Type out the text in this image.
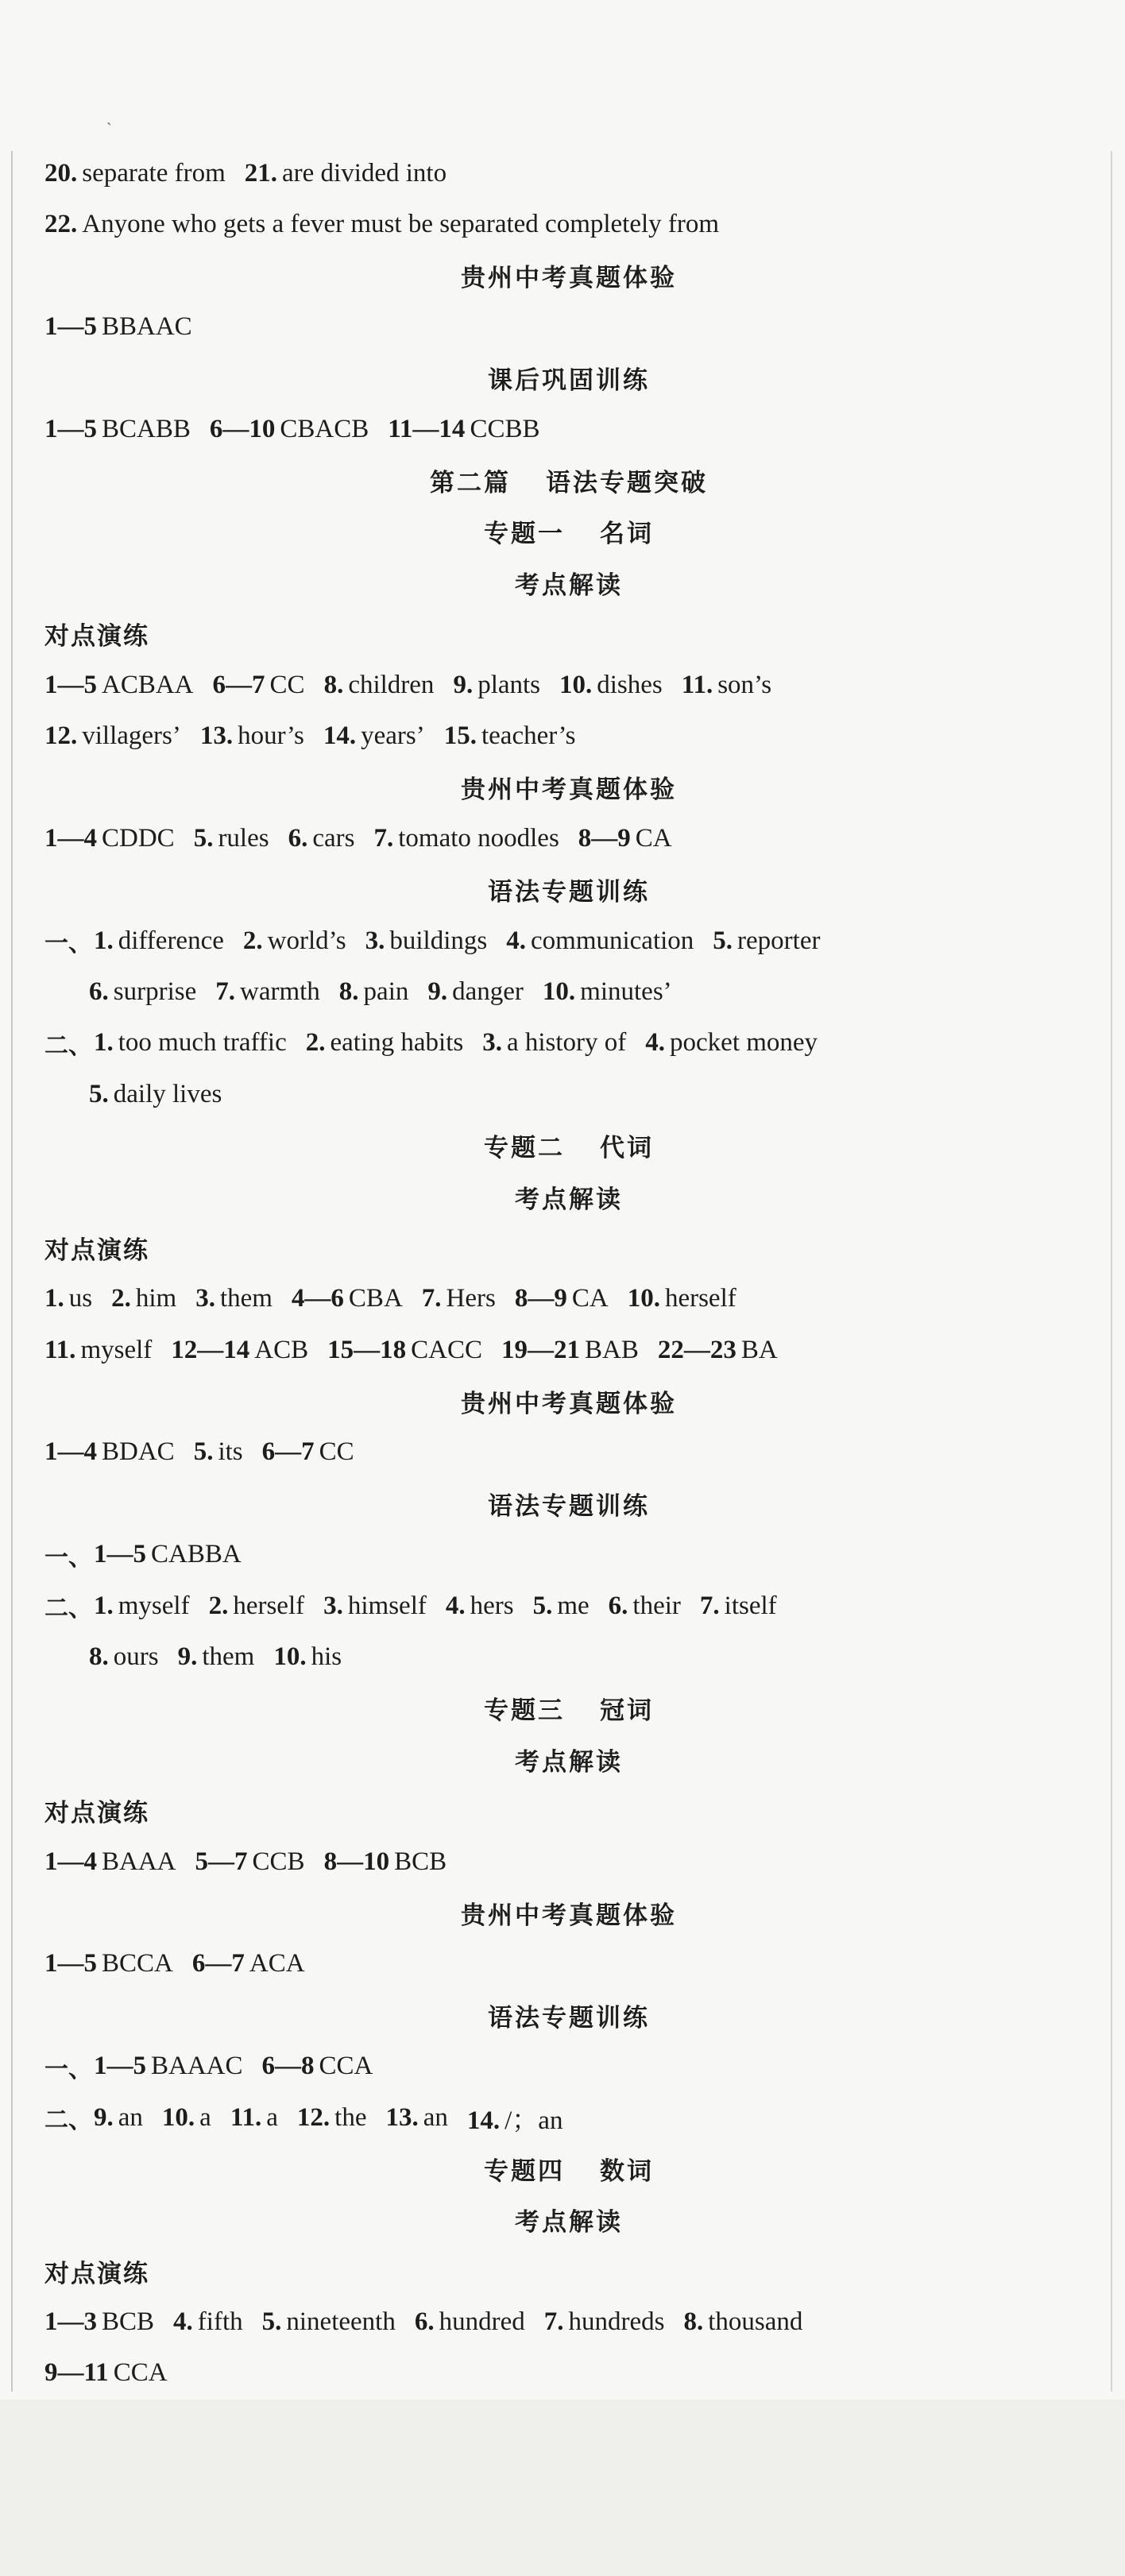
ˏ
20. separate from 21. are divided into
22. Anyone who gets a fever must be separated completely from
贵州中考真题体验
1—5 BBAAC
课后巩固训练
1—5 BCABB 6—10 CBACB 11—14 CCBB
第二篇 语法专题突破
专题一 名词
考点解读
对点演练
1—5 ACBAA 6—7 CC 8. children 9. plants 10. dishes 11. son’s
12. villagers’ 13. hour’s 14. years’ 15. teacher’s
贵州中考真题体验
1—4 CDDC 5. rules 6. cars 7. tomato noodles 8—9 CA
语法专题训练
一、 1. difference 2. world’s 3. buildings 4. communication 5. reporter
6. surprise 7. warmth 8. pain 9. danger 10. minutes’
二、 1. too much traffic 2. eating habits 3. a history of 4. pocket money
5. daily lives
专题二 代词
考点解读
对点演练
1. us 2. him 3. them 4—6 CBA 7. Hers 8—9 CA 10. herself
11. myself 12—14 ACB 15—18 CACC 19—21 BAB 22—23 BA
贵州中考真题体验
1—4 BDAC 5. its 6—7 CC
语法专题训练
一、 1—5 CABBA
二、 1. myself 2. herself 3. himself 4. hers 5. me 6. their 7. itself
8. ours 9. them 10. his
专题三 冠词
考点解读
对点演练
1—4 BAAA 5—7 CCB 8—10 BCB
贵州中考真题体验
1—5 BCCA 6—7 ACA
语法专题训练
一、 1—5 BAAAC 6—8 CCA
二、 9. an 10. a 11. a 12. the 13. an 14. /；an
专题四 数词
考点解读
对点演练
1—3 BCB 4. fifth 5. nineteenth 6. hundred 7. hundreds 8. thousand
9—11 CCA
